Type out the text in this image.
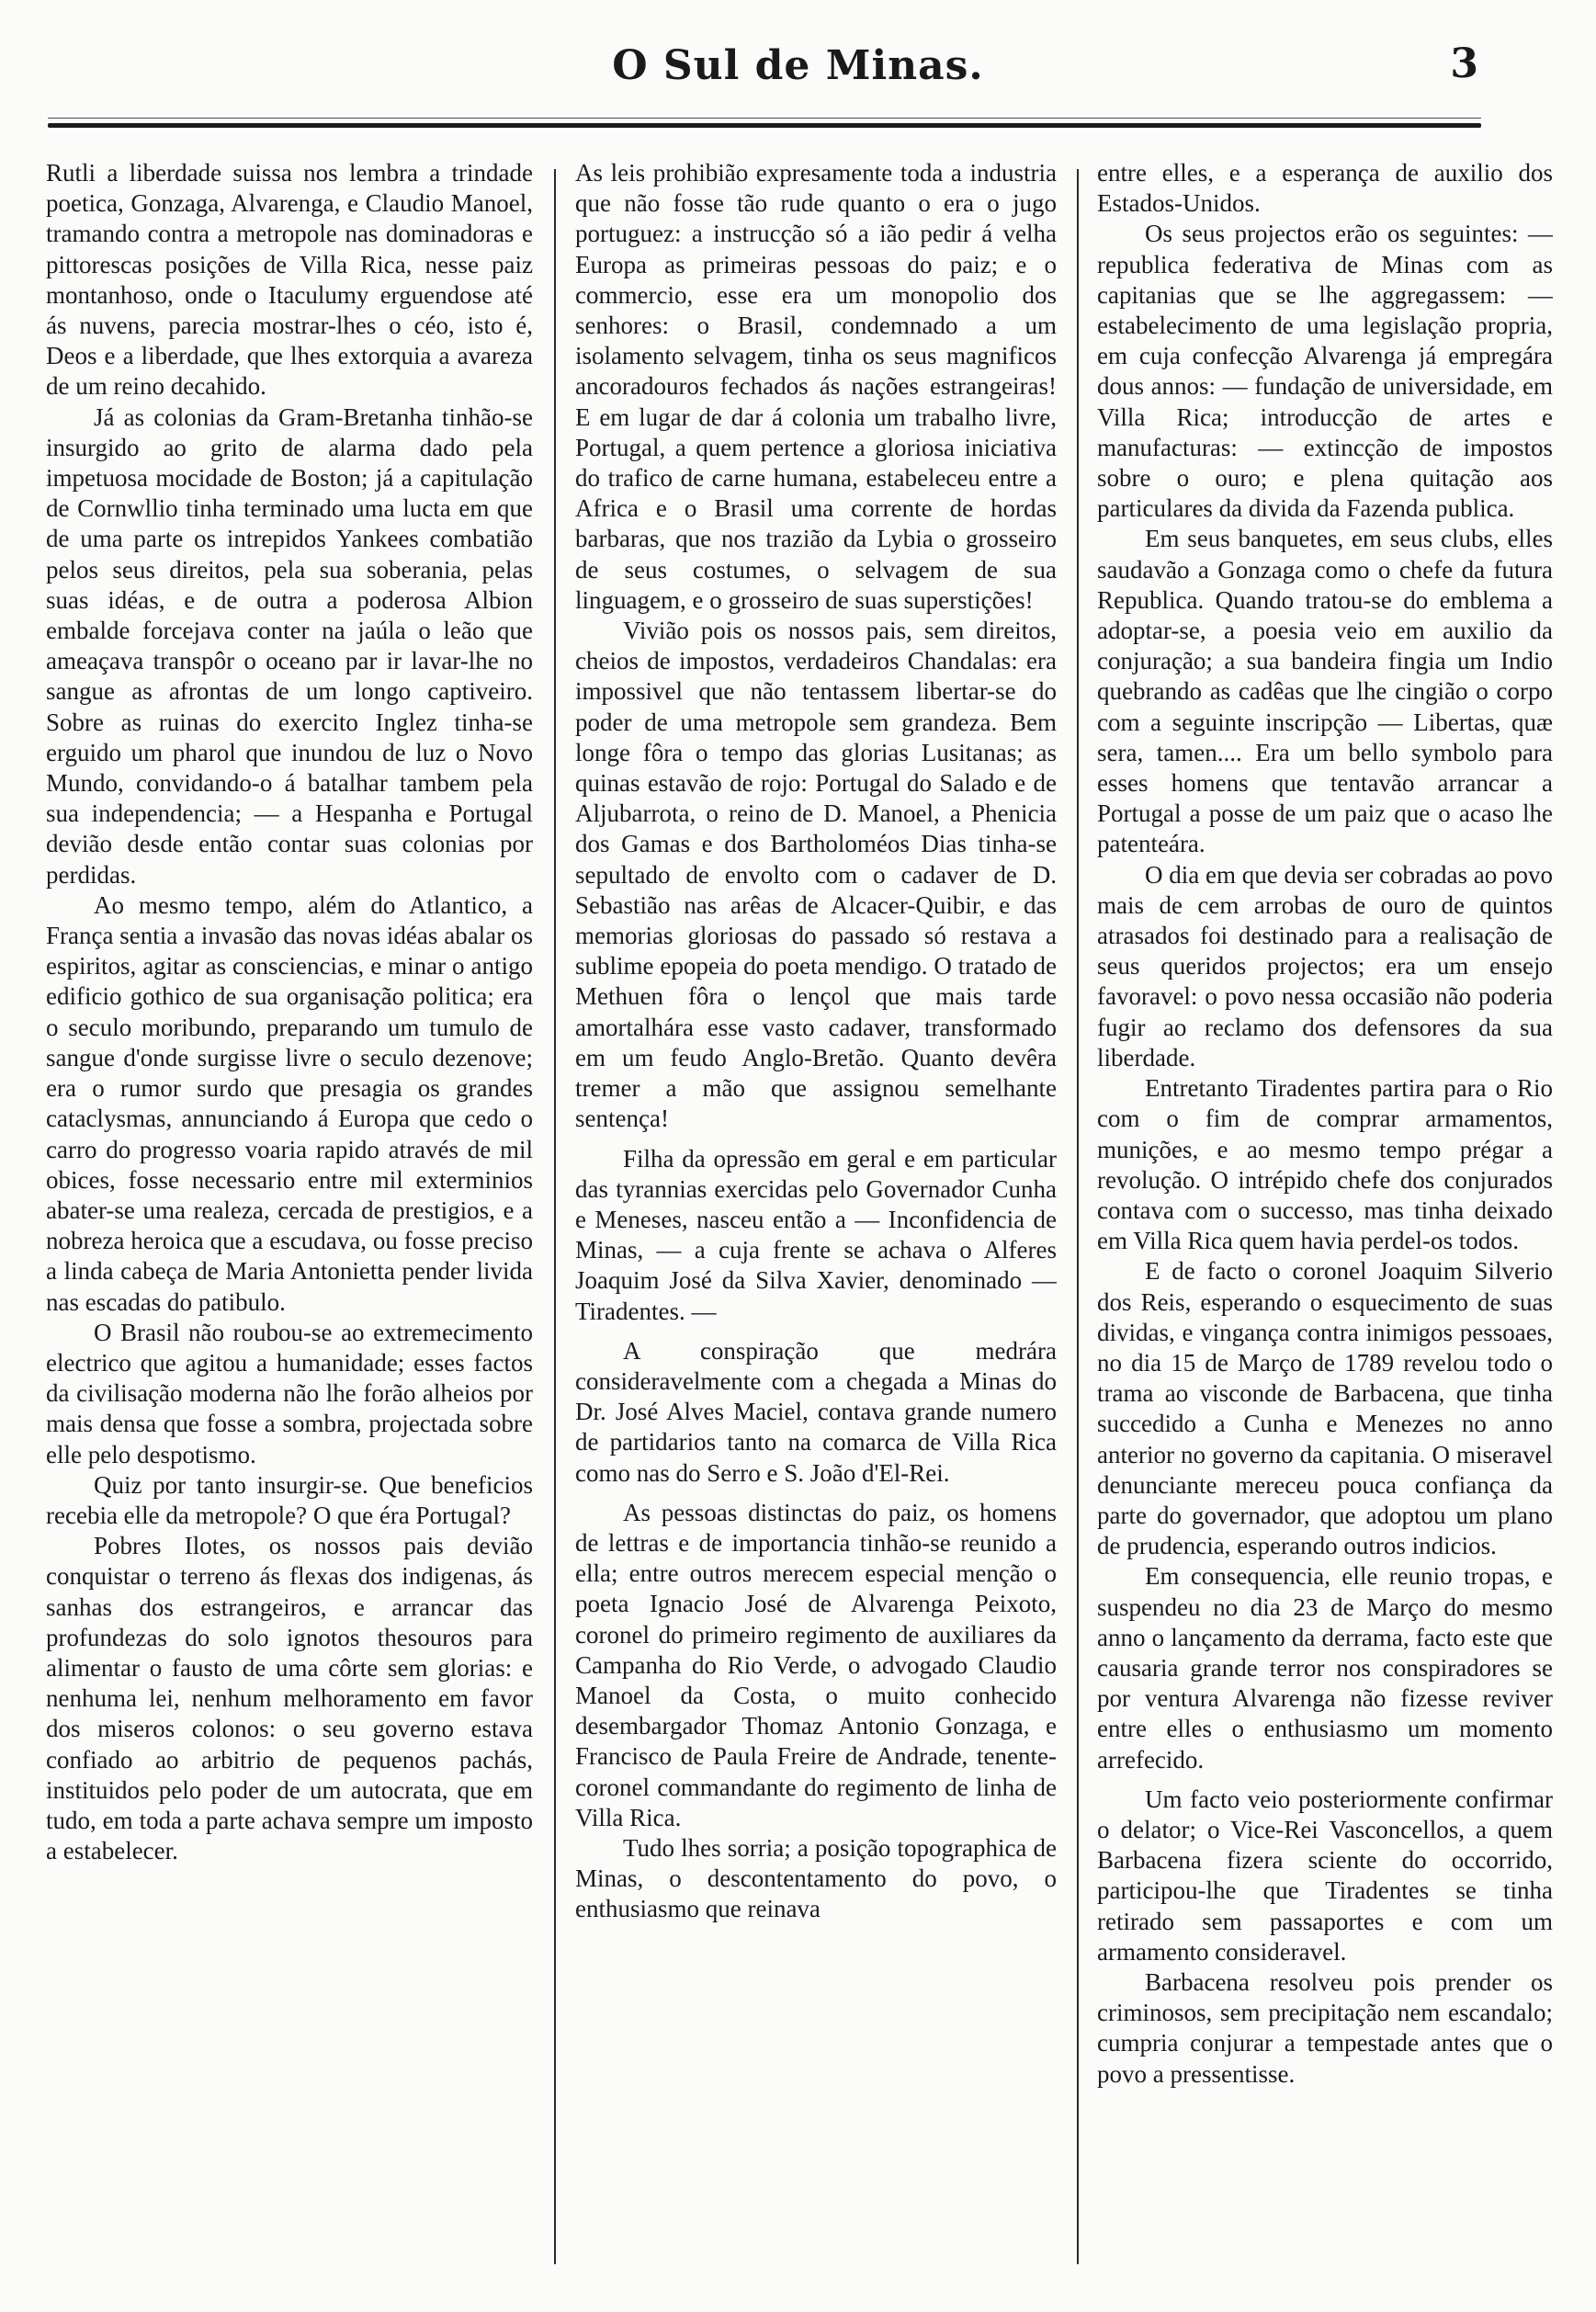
O Sul de Minas.	3

Rutli a liberdade suissa nos lembra a trindade poetica, Gonzaga, Alvarenga, e Claudio Manoel, tramando contra a metropole nas dominadoras e pittorescas posições de Villa Rica, nesse paiz montanhoso, onde o Itaculumy erguendose até ás nuvens, parecia mostrar-lhes o céo, isto é, Deos e a liberdade, que lhes extorquia a avareza de um reino decahido.

Já as colonias da Gram-Bretanha tinhão-se insurgido ao grito de alarma dado pela impetuosa mocidade de Boston; já a capitulação de Cornwllio tinha terminado uma lucta em que de uma parte os intrepidos Yankees combatião pelos seus direitos, pela sua soberania, pelas suas idéas, e de outra a poderosa Albion embalde forcejava conter na jaúla o leão que ameaçava transpôr o oceano par ir lavar-lhe no sangue as afrontas de um longo captiveiro. Sobre as ruinas do exercito Inglez tinha-se erguido um pharol que inundou de luz o Novo Mundo, convidando-o á batalhar tambem pela sua independencia; — a Hespanha e Portugal devião desde então contar suas colonias por perdidas.

Ao mesmo tempo, além do Atlantico, a França sentia a invasão das novas idéas abalar os espiritos, agitar as consciencias, e minar o antigo edificio gothico de sua organisação politica; era o seculo moribundo, preparando um tumulo de sangue d'onde surgisse livre o seculo dezenove; era o rumor surdo que presagia os grandes cataclysmas, annunciando á Europa que cedo o carro do progresso voaria rapido através de mil obices, fosse necessario entre mil exterminios abater-se uma realeza, cercada de prestigios, e a nobreza heroica que a escudava, ou fosse preciso a linda cabeça de Maria Antonietta pender livida nas escadas do patibulo.

O Brasil não roubou-se ao extremecimento electrico que agitou a humanidade; esses factos da civilisação moderna não lhe forão alheios por mais densa que fosse a sombra, projectada sobre elle pelo despotismo.

Quiz por tanto insurgir-se. Que beneficios recebia elle da metropole? O que éra Portugal?

Pobres Ilotes, os nossos pais devião conquistar o terreno ás flexas dos indigenas, ás sanhas dos estrangeiros, e arrancar das profundezas do solo ignotos thesouros para alimentar o fausto de uma côrte sem glorias: e nenhuma lei, nenhum melhoramento em favor dos miseros colonos: o seu governo estava confiado ao arbitrio de pequenos pachás, instituidos pelo poder de um autocrata, que em tudo, em toda a parte achava sempre um imposto a estabelecer.

As leis prohibião expresamente toda a industria que não fosse tão rude quanto o era o jugo portuguez: a instrucção só a ião pedir á velha Europa as primeiras pessoas do paiz; e o commercio, esse era um monopolio dos senhores: o Brasil, condemnado a um isolamento selvagem, tinha os seus magnificos ancoradouros fechados ás nações estrangeiras! E em lugar de dar á colonia um trabalho livre, Portugal, a quem pertence a gloriosa iniciativa do trafico de carne humana, estabeleceu entre a Africa e o Brasil uma corrente de hordas barbaras, que nos trazião da Lybia o grosseiro de seus costumes, o selvagem de sua linguagem, e o grosseiro de suas superstições!

Vivião pois os nossos pais, sem direitos, cheios de impostos, verdadeiros Chandalas: era impossivel que não tentassem libertar-se do poder de uma metropole sem grandeza. Bem longe fôra o tempo das glorias Lusitanas; as quinas estavão de rojo: Portugal do Salado e de Aljubarrota, o reino de D. Manoel, a Phenicia dos Gamas e dos Bartholoméos Dias tinha-se sepultado de envolto com o cadaver de D. Sebastião nas arêas de Alcacer-Quibir, e das memorias gloriosas do passado só restava a sublime epopeia do poeta mendigo. O tratado de Methuen fôra o lençol que mais tarde amortalhára esse vasto cadaver, transformado em um feudo Anglo-Bretão. Quanto devêra tremer a mão que assignou semelhante sentença!

Filha da opressão em geral e em particular das tyrannias exercidas pelo Governador Cunha e Meneses, nasceu então a — Inconfidencia de Minas, — a cuja frente se achava o Alferes Joaquim José da Silva Xavier, denominado — Tiradentes. —

A conspiração que medrára consideravelmente com a chegada a Minas do Dr. José Alves Maciel, contava grande numero de partidarios tanto na comarca de Villa Rica como nas do Serro e S. João d'El-Rei.

As pessoas distinctas do paiz, os homens de lettras e de importancia tinhão-se reunido a ella; entre outros merecem especial menção o poeta Ignacio José de Alvarenga Peixoto, coronel do primeiro regimento de auxiliares da Campanha do Rio Verde, o advogado Claudio Manoel da Costa, o muito conhecido desembargador Thomaz Antonio Gonzaga, e Francisco de Paula Freire de Andrade, tenente-coronel commandante do regimento de linha de Villa Rica.

Tudo lhes sorria; a posição topographica de Minas, o descontentamento do povo, o enthusiasmo que reinava

entre elles, e a esperança de auxilio dos Estados-Unidos.

Os seus projectos erão os seguintes: — republica federativa de Minas com as capitanias que se lhe aggregassem: — estabelecimento de uma legislação propria, em cuja confecção Alvarenga já empregára dous annos: — fundação de universidade, em Villa Rica; introducção de artes e manufacturas: — extincção de impostos sobre o ouro; e plena quitação aos particulares da divida da Fazenda publica.

Em seus banquetes, em seus clubs, elles saudavão a Gonzaga como o chefe da futura Republica. Quando tratou-se do emblema a adoptar-se, a poesia veio em auxilio da conjuração; a sua bandeira fingia um Indio quebrando as cadêas que lhe cingião o corpo com a seguinte inscripção — Libertas, quæ sera, tamen.... Era um bello symbolo para esses homens que tentavão arrancar a Portugal a posse de um paiz que o acaso lhe patenteára.

O dia em que devia ser cobradas ao povo mais de cem arrobas de ouro de quintos atrasados foi destinado para a realisação de seus queridos projectos; era um ensejo favoravel: o povo nessa occasião não poderia fugir ao reclamo dos defensores da sua liberdade.

Entretanto Tiradentes partira para o Rio com o fim de comprar armamentos, munições, e ao mesmo tempo prégar a revolução. O intrépido chefe dos conjurados contava com o successo, mas tinha deixado em Villa Rica quem havia perdel-os todos.

E de facto o coronel Joaquim Silverio dos Reis, esperando o esquecimento de suas dividas, e vingança contra inimigos pessoaes, no dia 15 de Março de 1789 revelou todo o trama ao visconde de Barbacena, que tinha succedido a Cunha e Menezes no anno anterior no governo da capitania. O miseravel denunciante mereceu pouca confiança da parte do governador, que adoptou um plano de prudencia, esperando outros indicios.

Em consequencia, elle reunio tropas, e suspendeu no dia 23 de Março do mesmo anno o lançamento da derrama, facto este que causaria grande terror nos conspiradores se por ventura Alvarenga não fizesse reviver entre elles o enthusiasmo um momento arrefecido.

Um facto veio posteriormente confirmar o delator; o Vice-Rei Vasconcellos, a quem Barbacena fizera sciente do occorrido, participou-lhe que Tiradentes se tinha retirado sem passaportes e com um armamento consideravel.

Barbacena resolveu pois prender os criminosos, sem precipitação nem escandalo; cumpria conjurar a tempestade antes que o povo a pressentisse.
